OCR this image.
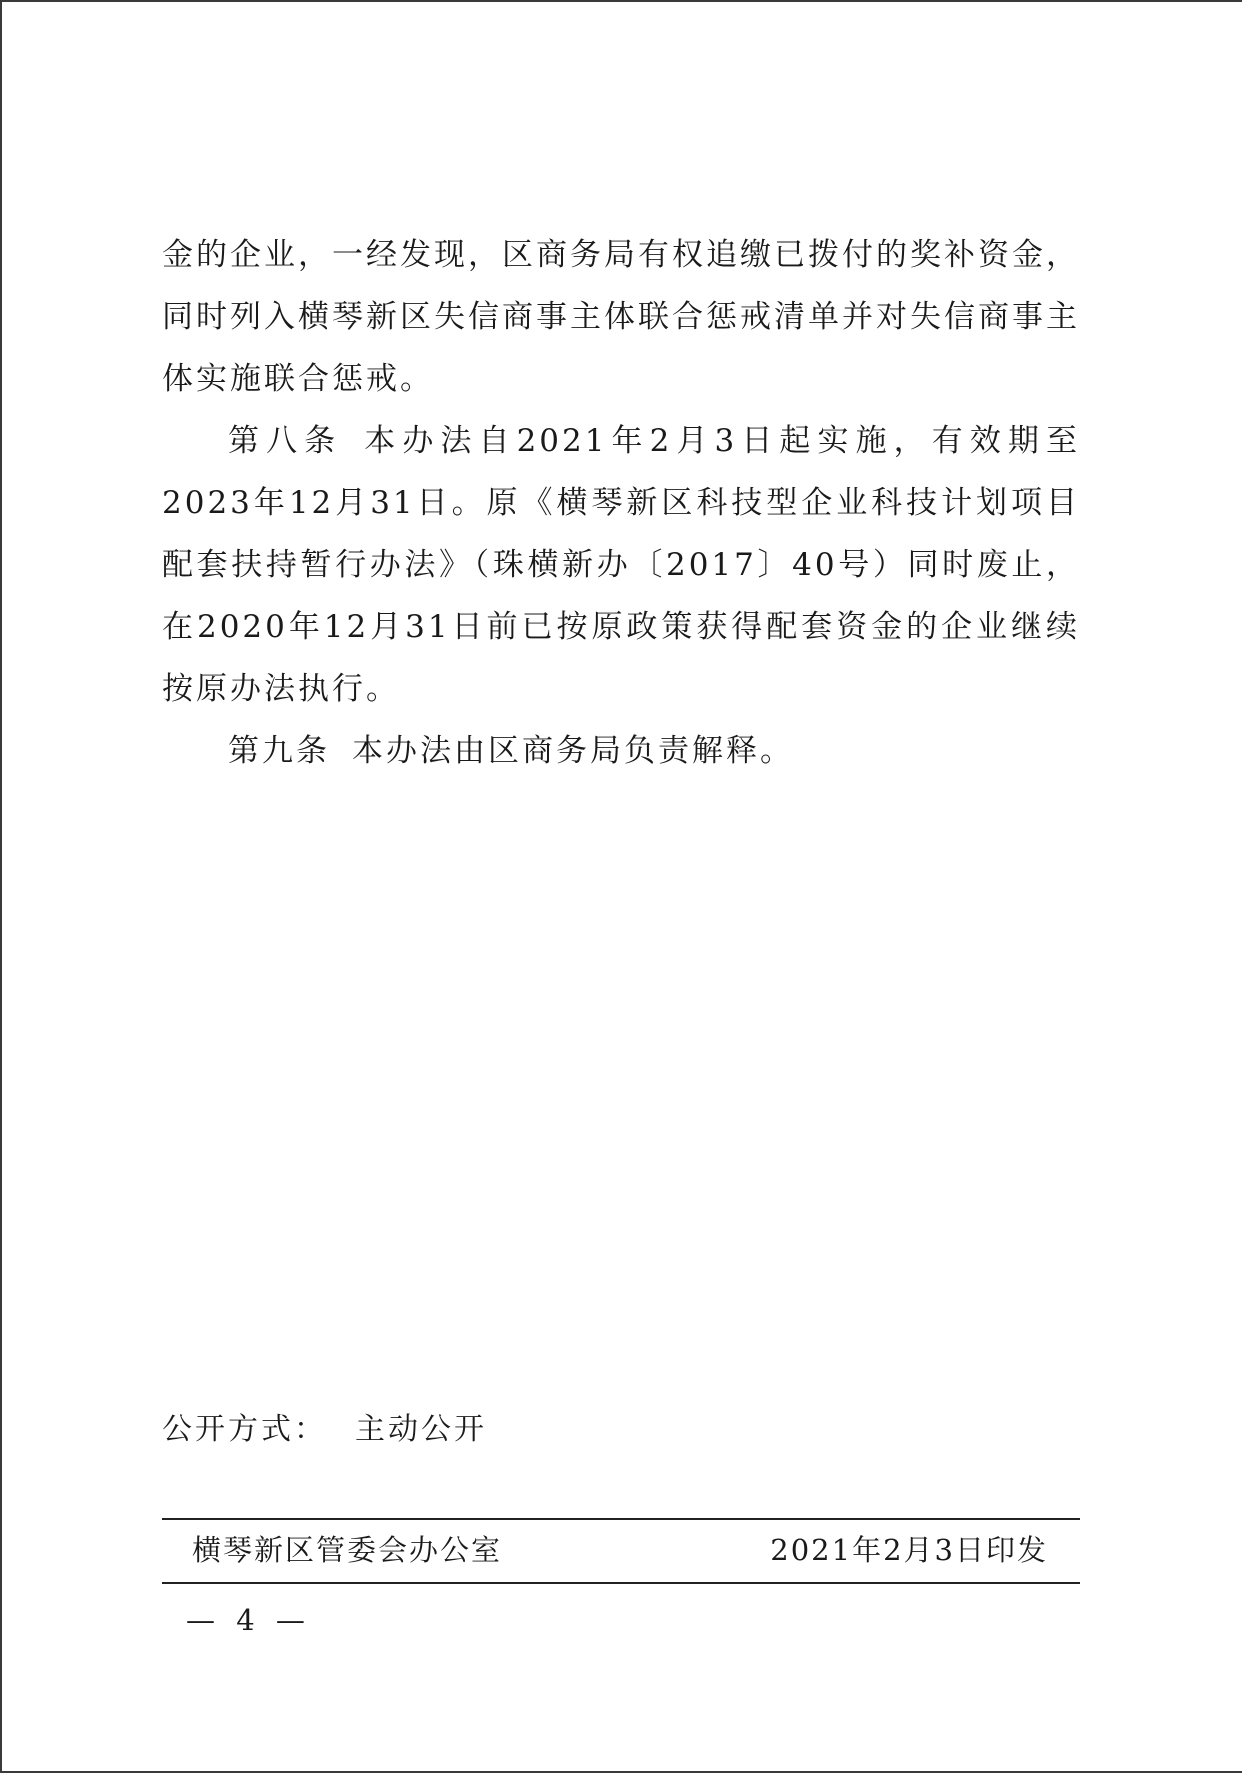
金的企业，一经发现，区商务局有权追缴已拨付的奖补资金，同时列入横琴新区失信商事主体联合惩戒清单并对失信商事主体实施联合惩戒。

第八条 本办法自2021年2月3日起实施，有效期至2023年12月31日。原《横琴新区科技型企业科技计划项目配套扶持暂行办法》（珠横新办〔2017〕40号）同时废止，在2020年12月31日前已按原政策获得配套资金的企业继续按原办法执行。

第九条 本办法由区商务局负责解释。

公开方式： 主动公开
横琴新区管委会办公室	2021年2月3日印发
— 4 —
